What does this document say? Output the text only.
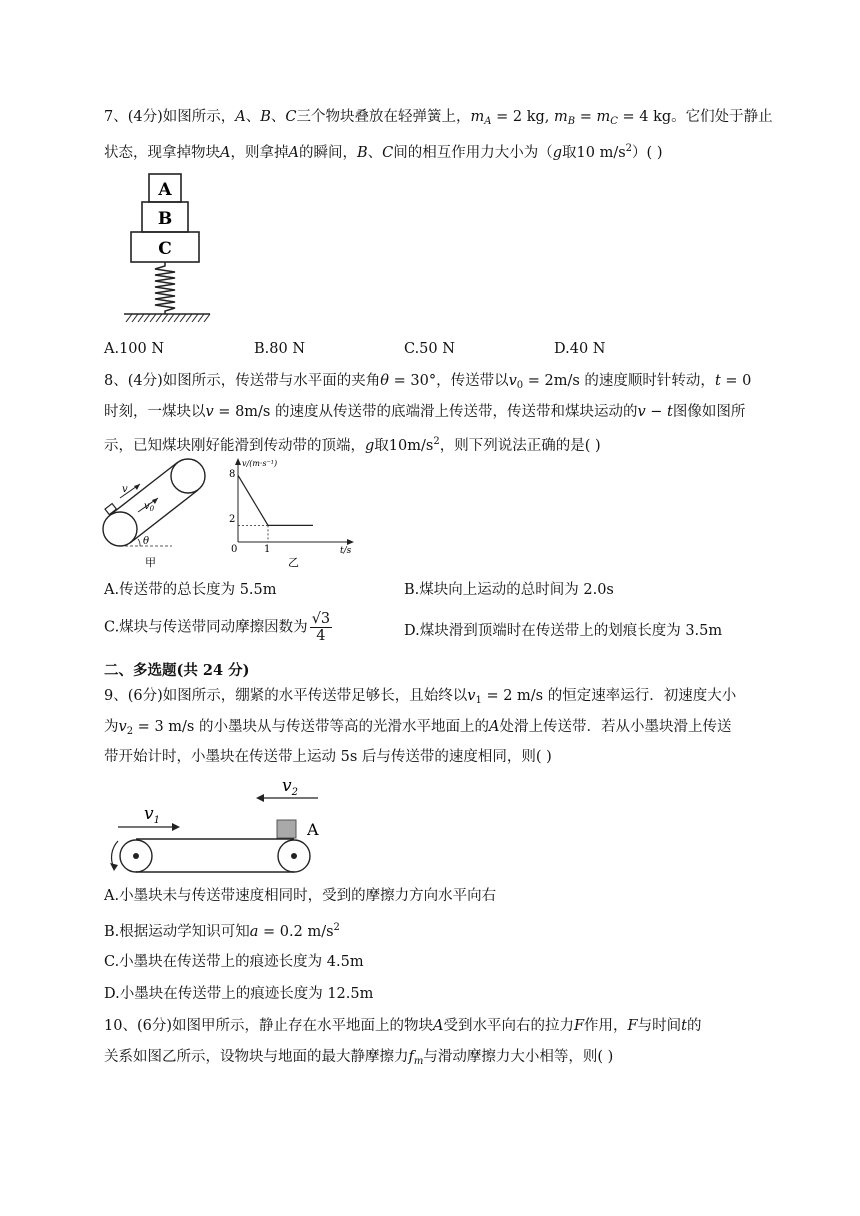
7、(4分)如图所示，A、B、C三个物块叠放在轻弹簧上，$m_A = 2$ kg, $m_B = m_C = 4$ kg。它们处于静止
状态，现拿掉物块A，则拿掉A的瞬间，B、C间的相互作用力大小为（g取10 $m/s^2$）( )
A
B
C
A.100 N	B.80 N	C.50 N	D.40 N
8、(4分)如图所示，传送带与水平面的夹角θ = 30°，传送带以$v_0 = 2m/s$ 的速度顺时针转动，t = 0
时刻，一煤块以v = 8m/s 的速度从传送带的底端滑上传送带，传送带和煤块运动的v − t图像如图所
示，已知煤块刚好能滑到传动带的顶端，g取$10m/s^2$，则下列说法正确的是( )
v
$v_0$
θ
甲
v/(m·s⁻¹)
8
2
0	1	t/s
乙
A.传送带的总长度为 5.5m	B.煤块向上运动的总时间为 2.0s
C.煤块与传送带同动摩擦因数为 $\frac{√3}{4}$	D.煤块滑到顶端时在传送带上的划痕长度为 3.5m
二、多选题(共 24 分)
9、(6分)如图所示，绷紧的水平传送带足够长，且始终以$v_1 = 2$ m/s 的恒定速率运行．初速度大小
为$v_2 = 3$ m/s 的小墨块从与传送带等高的光滑水平地面上的A处滑上传送带．若从小墨块滑上传送
带开始计时，小墨块在传送带上运动 5s 后与传送带的速度相同，则( )
$v_1$
$v_2$
A
A.小墨块未与传送带速度相同时，受到的摩擦力方向水平向右
B.根据运动学知识可知a = 0.2 $m/s^2$
C.小墨块在传送带上的痕迹长度为 4.5m
D.小墨块在传送带上的痕迹长度为 12.5m
10、(6分)如图甲所示，静止存在水平地面上的物块A受到水平向右的拉力F作用，F与时间t的
关系如图乙所示，设物块与地面的最大静摩擦力$f_m$与滑动摩擦力大小相等，则( )
